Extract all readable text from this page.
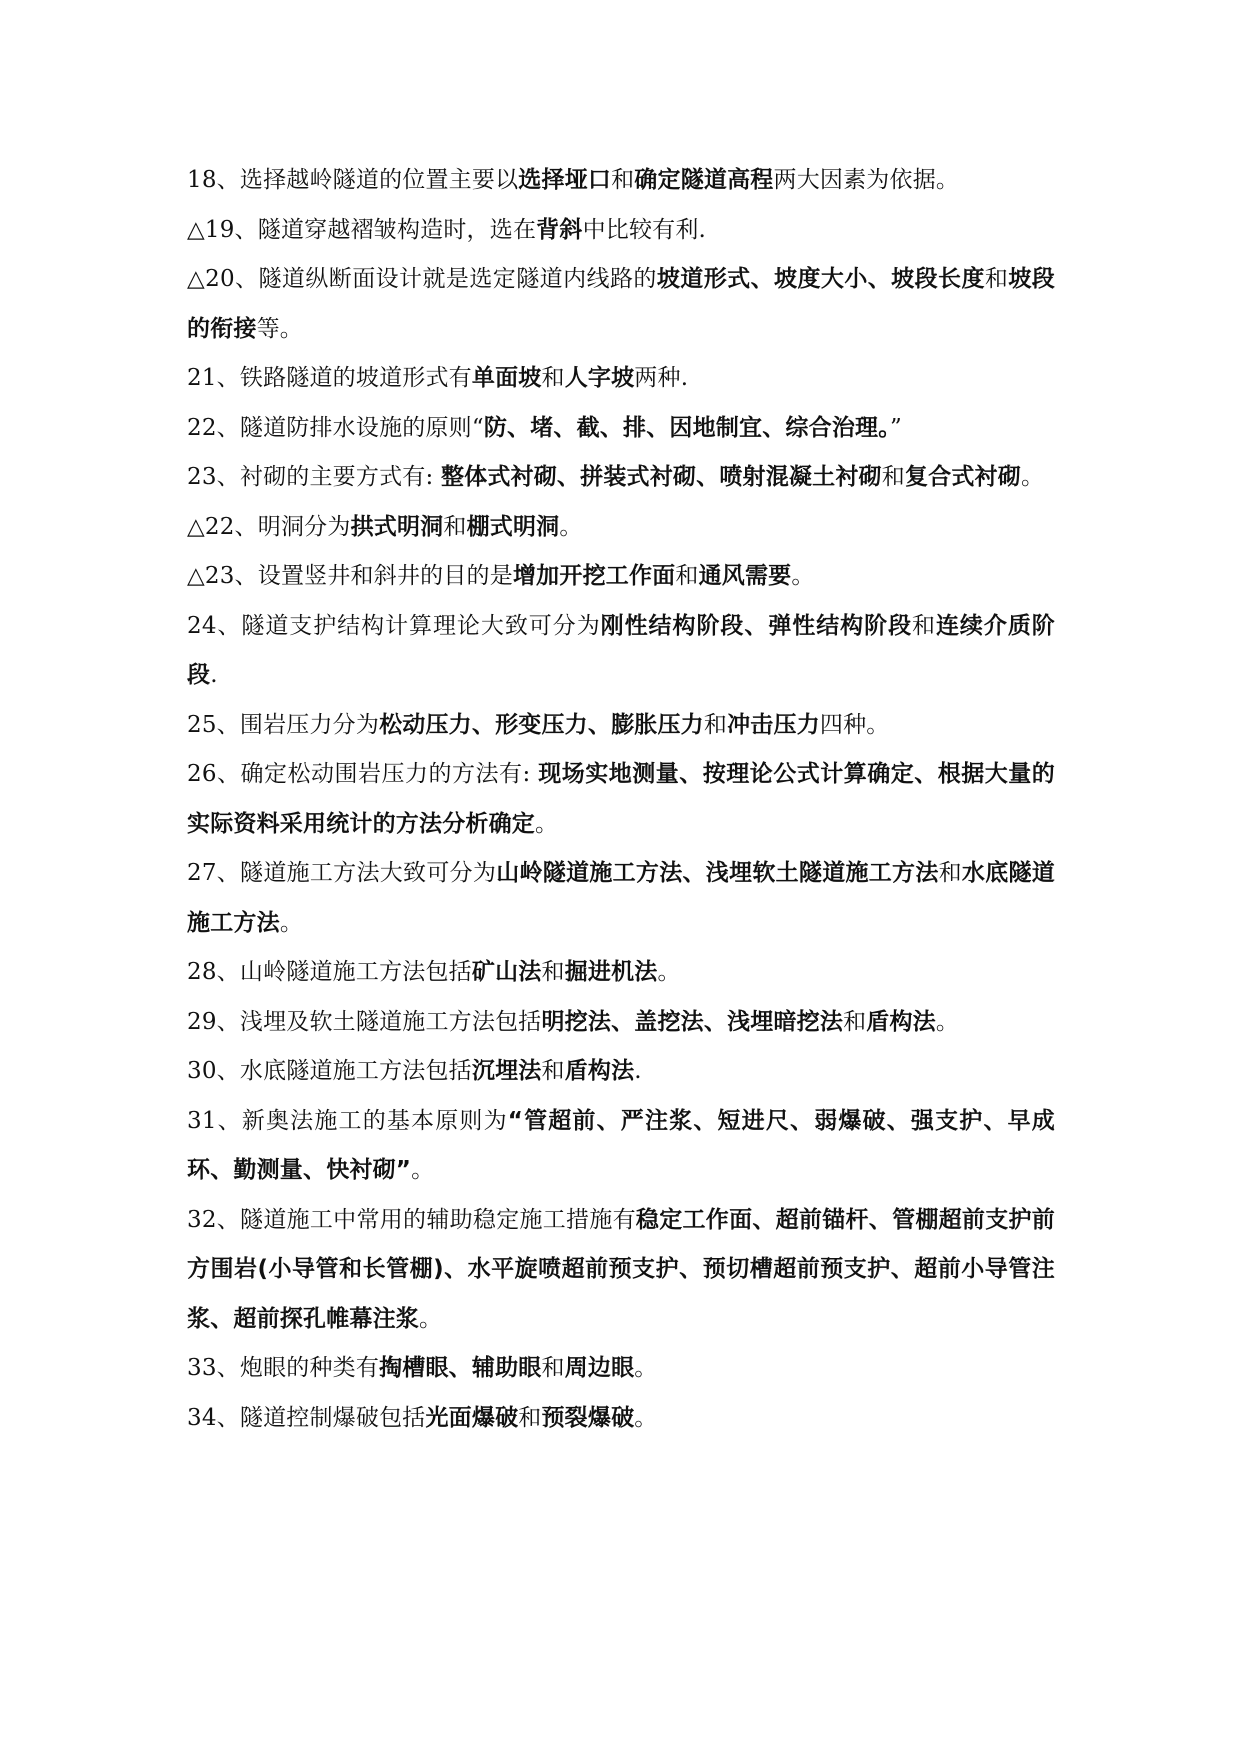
18、选择越岭隧道的位置主要以选择垭口和确定隧道高程两大因素为依据。

△19、隧道穿越褶皱构造时，选在背斜中比较有利.

△20、隧道纵断面设计就是选定隧道内线路的坡道形式、坡度大小、坡段长度和坡段的衔接等。

21、铁路隧道的坡道形式有单面坡和人字坡两种.

22、隧道防排水设施的原则“防、堵、截、排、因地制宜、综合治理。”

23、衬砌的主要方式有: 整体式衬砌、拼装式衬砌、喷射混凝土衬砌和复合式衬砌。

△22、明洞分为拱式明洞和棚式明洞。

△23、设置竖井和斜井的目的是增加开挖工作面和通风需要。

24、隧道支护结构计算理论大致可分为刚性结构阶段、弹性结构阶段和连续介质阶段.

25、围岩压力分为松动压力、形变压力、膨胀压力和冲击压力四种。

26、确定松动围岩压力的方法有: 现场实地测量、按理论公式计算确定、根据大量的实际资料采用统计的方法分析确定。

27、隧道施工方法大致可分为山岭隧道施工方法、浅埋软土隧道施工方法和水底隧道施工方法。

28、山岭隧道施工方法包括矿山法和掘进机法。

29、浅埋及软土隧道施工方法包括明挖法、盖挖法、浅埋暗挖法和盾构法。

30、水底隧道施工方法包括沉埋法和盾构法.

31、新奥法施工的基本原则为“管超前、严注浆、短进尺、弱爆破、强支护、早成环、勤测量、快衬砌”。

32、隧道施工中常用的辅助稳定施工措施有稳定工作面、超前锚杆、管棚超前支护前方围岩(小导管和长管棚)、水平旋喷超前预支护、预切槽超前预支护、超前小导管注浆、超前探孔帷幕注浆。

33、炮眼的种类有掏槽眼、辅助眼和周边眼。

34、隧道控制爆破包括光面爆破和预裂爆破。
